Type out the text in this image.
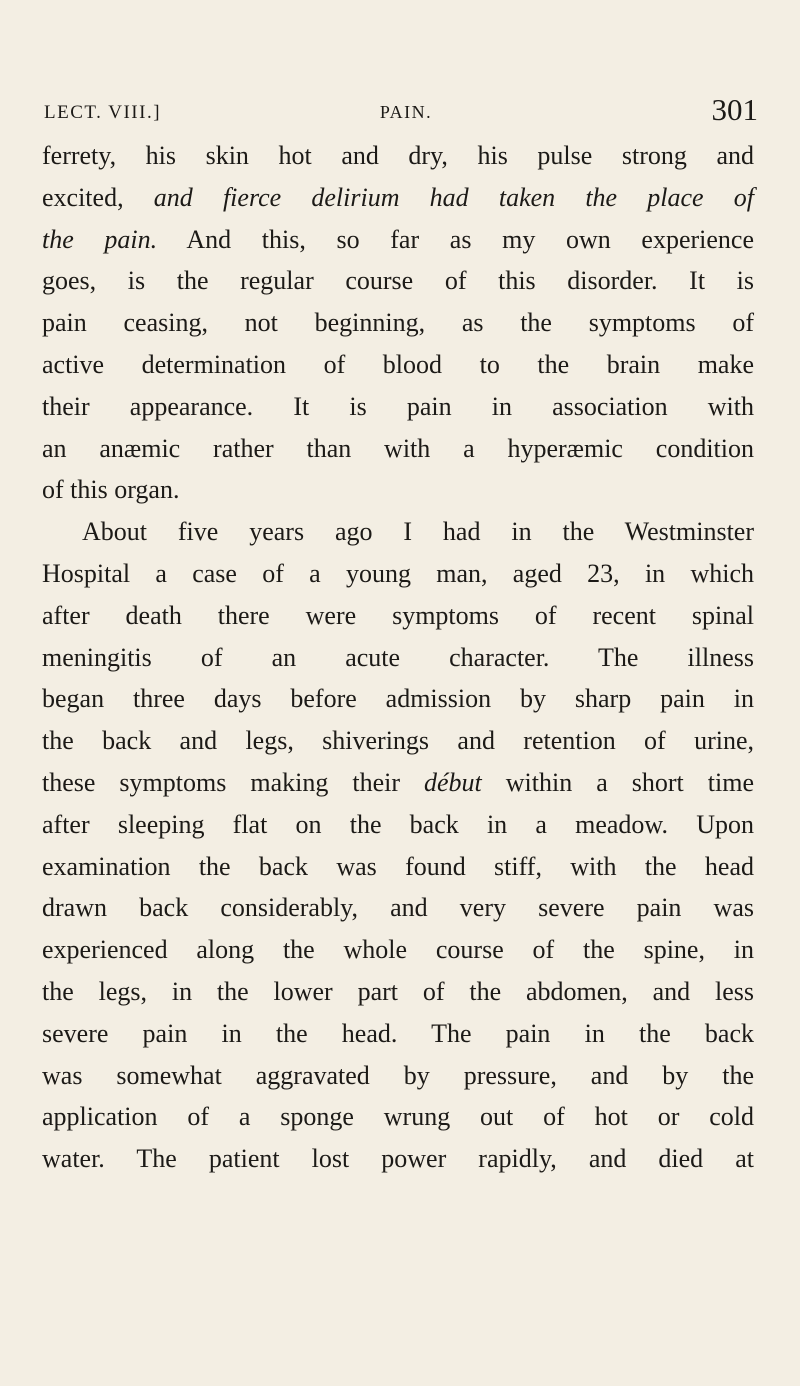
LECT. VIII.]	PAIN.	301
ferrety, his skin hot and dry, his pulse strong and
excited, and fierce delirium had taken the place of
the pain. And this, so far as my own experience
goes, is the regular course of this disorder. It is
pain ceasing, not beginning, as the symptoms of
active determination of blood to the brain make
their appearance. It is pain in association with
an anæmic rather than with a hyperæmic condition
of this organ.
About five years ago I had in the Westminster
Hospital a case of a young man, aged 23, in which
after death there were symptoms of recent spinal
meningitis of an acute character. The illness
began three days before admission by sharp pain in
the back and legs, shiverings and retention of urine,
these symptoms making their début within a short time
after sleeping flat on the back in a meadow. Upon
examination the back was found stiff, with the head
drawn back considerably, and very severe pain was
experienced along the whole course of the spine, in
the legs, in the lower part of the abdomen, and less
severe pain in the head. The pain in the back
was somewhat aggravated by pressure, and by the
application of a sponge wrung out of hot or cold
water. The patient lost power rapidly, and died at
